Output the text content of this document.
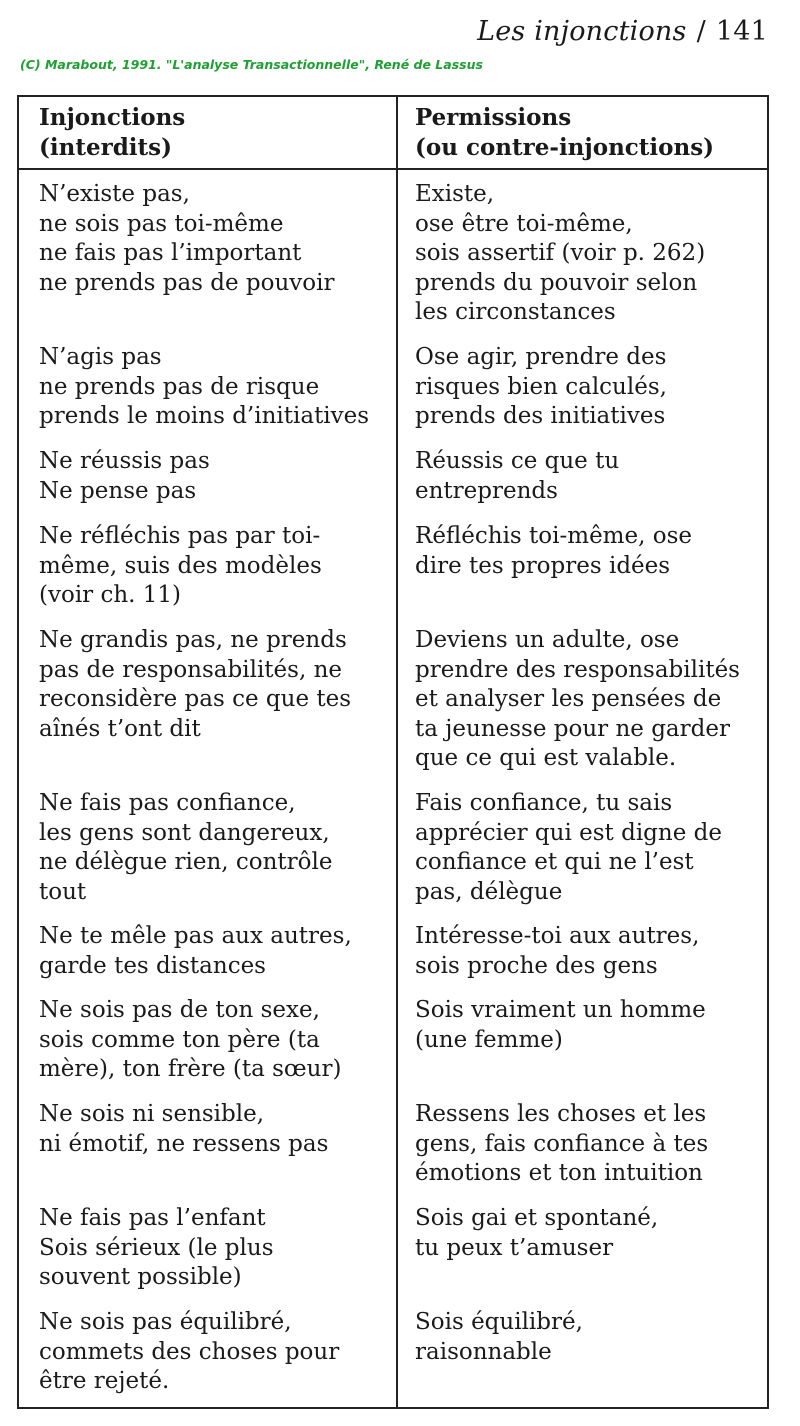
Les injonctions / 141
(C) Marabout, 1991. "L'analyse Transactionnelle", René de Lassus
Injonctions
(interdits)
Permissions
(ou contre-injonctions)
N’existe pas,
ne sois pas toi-même
ne fais pas l’important
ne prends pas de pouvoir
Existe,
ose être toi-même,
sois assertif (voir p. 262)
prends du pouvoir selon
les circonstances
N’agis pas
ne prends pas de risque
prends le moins d’initiatives
Ose agir, prendre des
risques bien calculés,
prends des initiatives
Ne réussis pas
Ne pense pas
Réussis ce que tu
entreprends
Ne réfléchis pas par toi-
même, suis des modèles
(voir ch. 11)
Réfléchis toi-même, ose
dire tes propres idées
Ne grandis pas, ne prends
pas de responsabilités, ne
reconsidère pas ce que tes
aînés t’ont dit
Deviens un adulte, ose
prendre des responsabilités
et analyser les pensées de
ta jeunesse pour ne garder
que ce qui est valable.
Ne fais pas confiance,
les gens sont dangereux,
ne délègue rien, contrôle
tout
Fais confiance, tu sais
apprécier qui est digne de
confiance et qui ne l’est
pas, délègue
Ne te mêle pas aux autres,
garde tes distances
Intéresse-toi aux autres,
sois proche des gens
Ne sois pas de ton sexe,
sois comme ton père (ta
mère), ton frère (ta sœur)
Sois vraiment un homme
(une femme)
Ne sois ni sensible,
ni émotif, ne ressens pas
Ressens les choses et les
gens, fais confiance à tes
émotions et ton intuition
Ne fais pas l’enfant
Sois sérieux (le plus
souvent possible)
Sois gai et spontané,
tu peux t’amuser
Ne sois pas équilibré,
commets des choses pour
être rejeté.
Sois équilibré,
raisonnable
